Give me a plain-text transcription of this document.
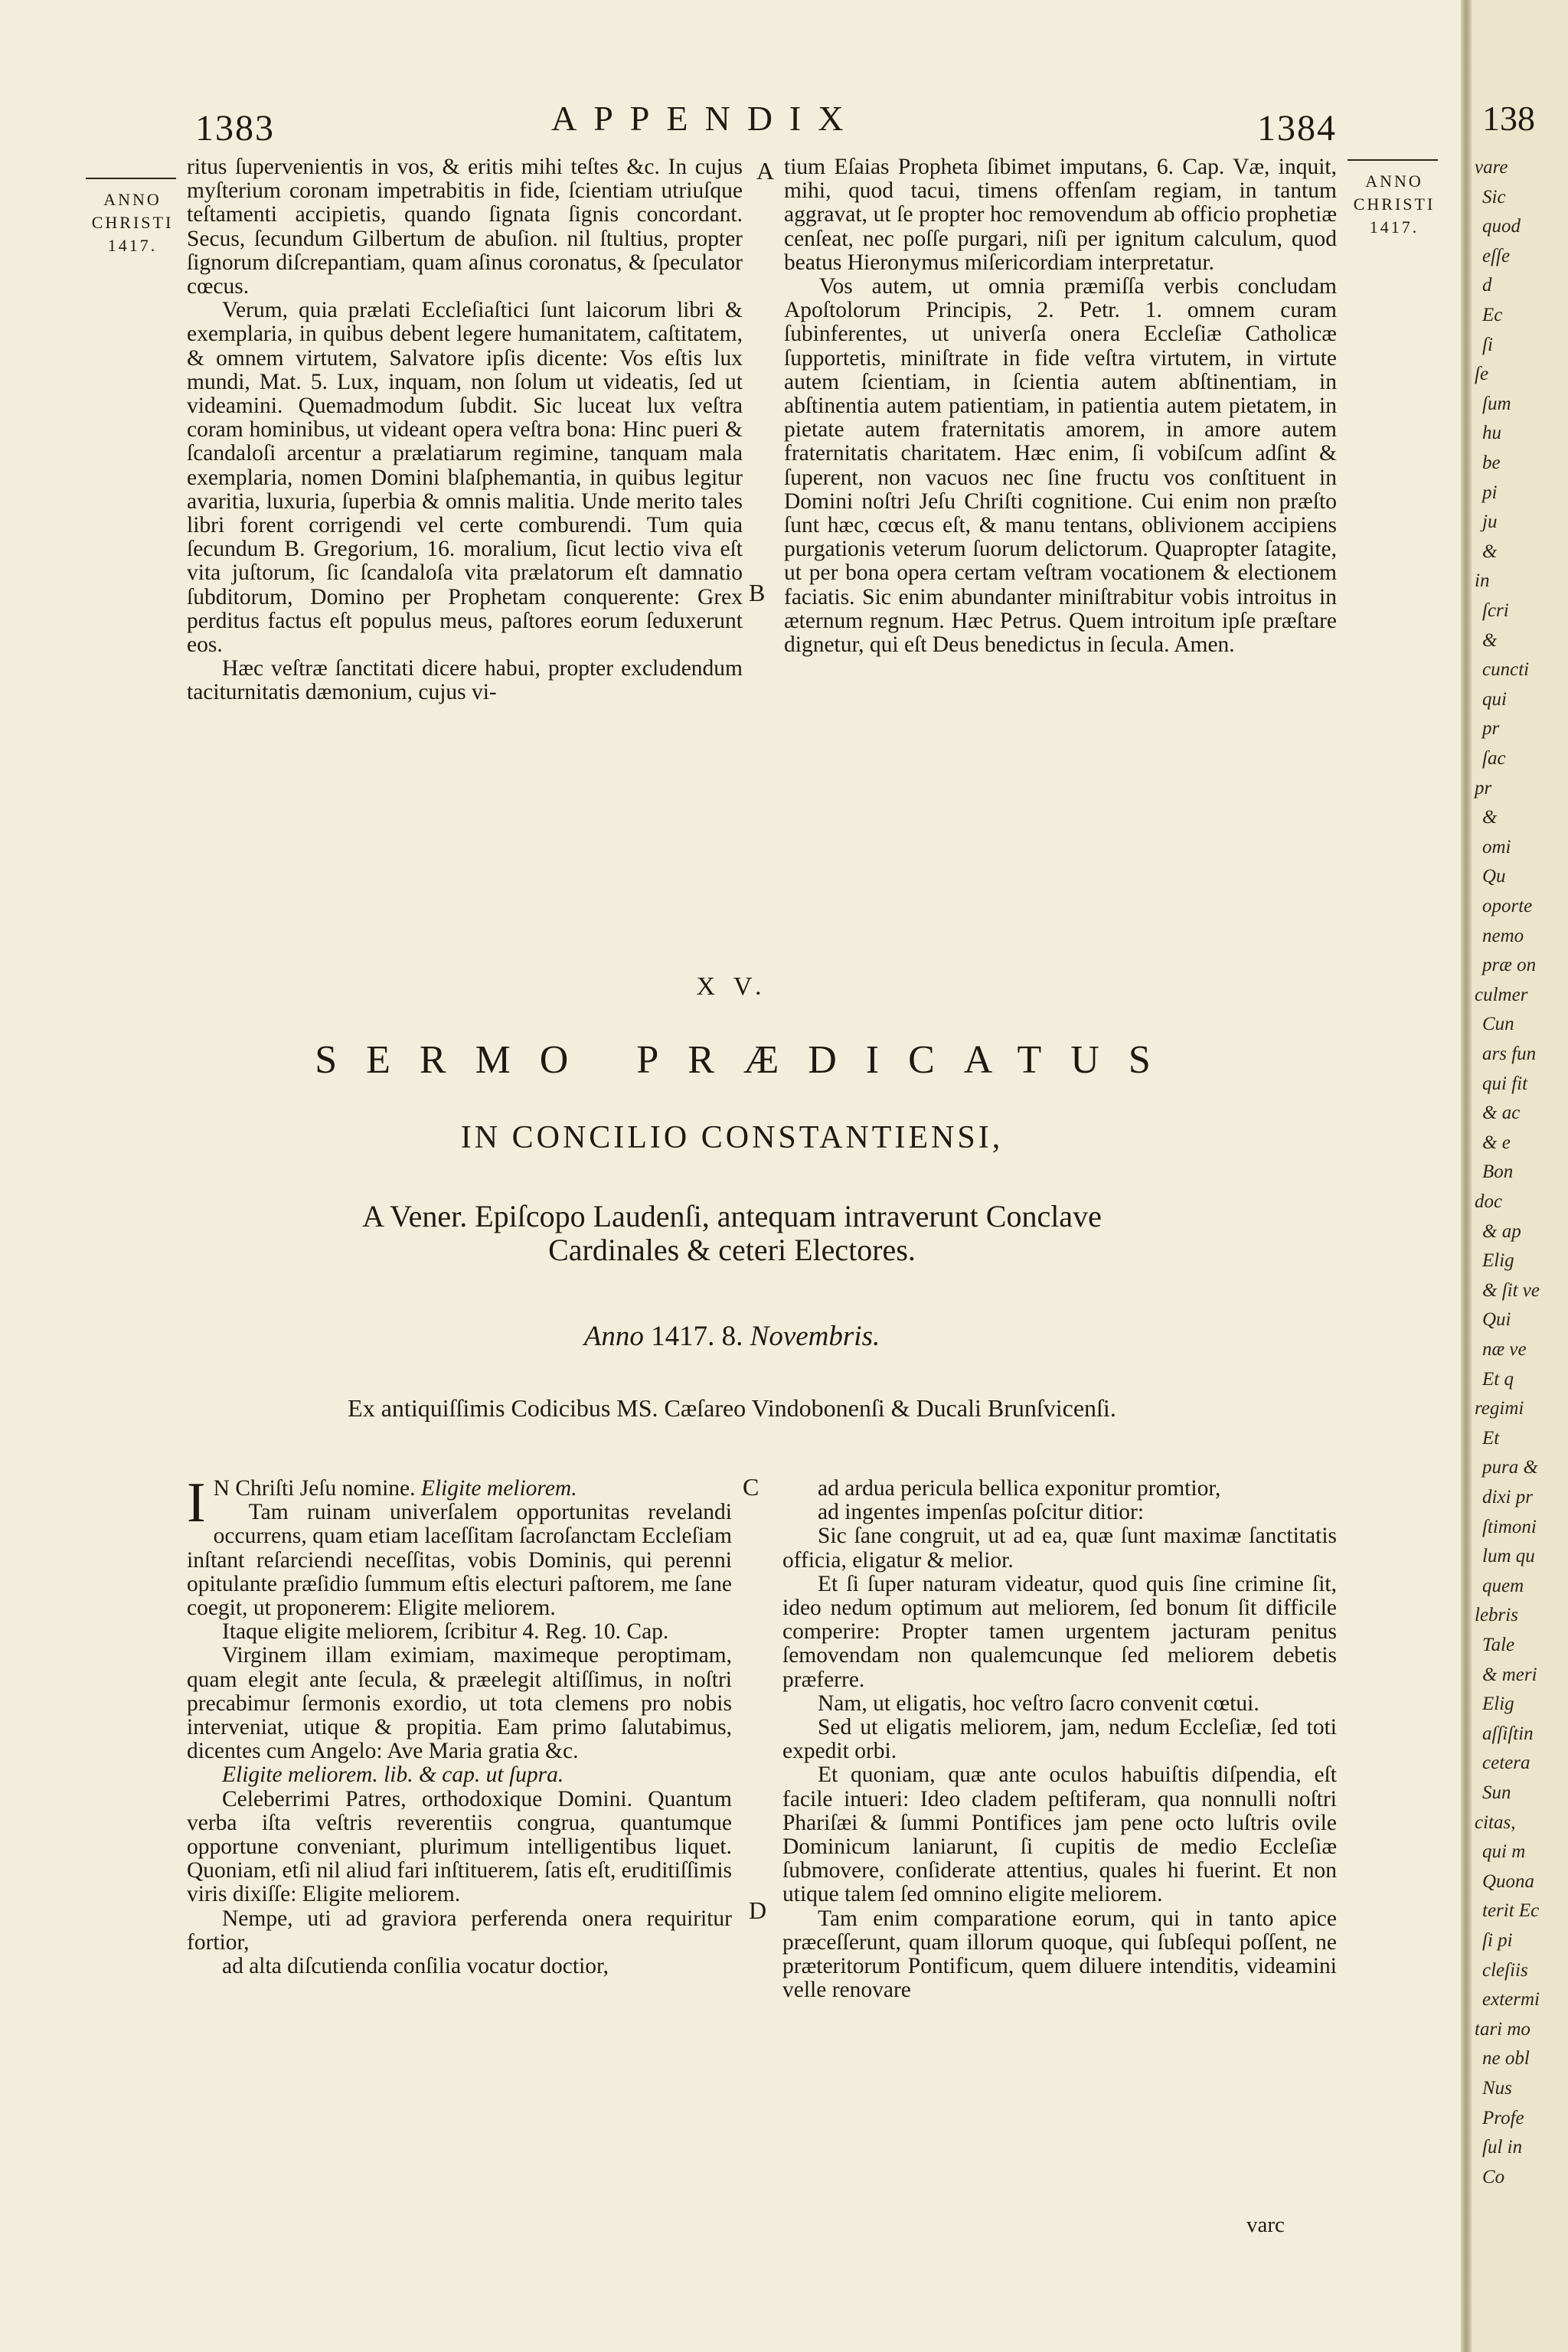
1383	APPENDIX	1384
ANNO
CHRISTI
1417.
ANNO
CHRISTI
1417.
A
B
C
D

ritus ſupervenientis in vos, & eritis mihi teſtes &c. In cujus myſterium coronam impetrabitis in fide, ſcientiam utriuſque teſtamenti accipietis, quando ſignata ſignis concordant. Secus, ſecundum Gilbertum de abuſion. nil ſtultius, propter ſignorum diſcrepantiam, quam aſinus coronatus, & ſpeculator cœcus.

Verum, quia prælati Eccleſiaſtici ſunt laicorum libri & exemplaria, in quibus debent legere humanitatem, caſtitatem, & omnem virtutem, Salvatore ipſis dicente: Vos eſtis lux mundi, Mat. 5. Lux, inquam, non ſolum ut videatis, ſed ut videamini. Quemadmodum ſubdit. Sic luceat lux veſtra coram hominibus, ut videant opera veſtra bona: Hinc pueri & ſcandaloſi arcentur a prælatiarum regimine, tanquam mala exemplaria, nomen Domini blaſphemantia, in quibus legitur avaritia, luxuria, ſuperbia & omnis malitia. Unde merito tales libri forent corrigendi vel certe comburendi. Tum quia ſecundum B. Gregorium, 16. moralium, ſicut lectio viva eſt vita juſtorum, ſic ſcandaloſa vita prælatorum eſt damnatio ſubditorum, Domino per Prophetam conquerente: Grex perditus factus eſt populus meus, paſtores eorum ſeduxerunt eos.

Hæc veſtræ ſanctitati dicere habui, propter excludendum taciturnitatis dæmonium, cujus vi-

tium Eſaias Propheta ſibimet imputans, 6. Cap. Væ, inquit, mihi, quod tacui, timens offenſam regiam, in tantum aggravat, ut ſe propter hoc removendum ab officio prophetiæ cenſeat, nec poſſe purgari, niſi per ignitum calculum, quod beatus Hieronymus miſericordiam interpretatur.

Vos autem, ut omnia præmiſſa verbis concludam Apoſtolorum Principis, 2. Petr. 1. omnem curam ſubinferentes, ut univerſa onera Eccleſiæ Catholicæ ſupportetis, miniſtrate in fide veſtra virtutem, in virtute autem ſcientiam, in ſcientia autem abſtinentiam, in abſtinentia autem patientiam, in patientia autem pietatem, in pietate autem fraternitatis amorem, in amore autem fraternitatis charitatem. Hæc enim, ſi vobiſcum adſint & ſuperent, non vacuos nec ſine fructu vos conſtituent in Domini noſtri Jeſu Chriſti cognitione. Cui enim non præſto ſunt hæc, cœcus eſt, & manu tentans, oblivionem accipiens purgationis veterum ſuorum delictorum. Quapropter ſatagite, ut per bona opera certam veſtram vocationem & electionem faciatis. Sic enim abundanter miniſtrabitur vobis introitus in æternum regnum. Hæc Petrus. Quem introitum ipſe præſtare dignetur, qui eſt Deus benedictus in ſecula. Amen.

X V.
SERMO PRÆDICATUS
IN CONCILIO CONSTANTIENSI,
A Vener. Epiſcopo Laudenſi, antequam intraverunt Conclave
Cardinales & ceteri Electores.
Anno 1417. 8. Novembris.
Ex antiquiſſimis Codicibus MS. Cæſareo Vindobonenſi & Ducali Brunſvicenſi.

I N Chriſti Jeſu nomine. Eligite meliorem.

Tam ruinam univerſalem opportunitas revelandi occurrens, quam etiam laceſſitam ſacroſanctam Eccleſiam inſtant reſarciendi neceſſitas, vobis Dominis, qui perenni opitulante præſidio ſummum eſtis electuri paſtorem, me ſane coegit, ut proponerem: Eligite meliorem.

Itaque eligite meliorem, ſcribitur 4. Reg. 10. Cap.

Virginem illam eximiam, maximeque peroptimam, quam elegit ante ſecula, & præelegit altiſſimus, in noſtri precabimur ſermonis exordio, ut tota clemens pro nobis interveniat, utique & propitia. Eam primo ſalutabimus, dicentes cum Angelo: Ave Maria gratia &c.

Eligite meliorem. lib. & cap. ut ſupra.

Celeberrimi Patres, orthodoxique Domini. Quantum verba iſta veſtris reverentiis congrua, quantumque opportune conveniant, plurimum intelligentibus liquet. Quoniam, etſi nil aliud fari inſtituerem, ſatis eſt, eruditiſſimis viris dixiſſe: Eligite meliorem.

Nempe, uti ad graviora perferenda onera requiritur fortior,

ad alta diſcutienda conſilia vocatur doctior,

ad ardua pericula bellica exponitur promtior,

ad ingentes impenſas poſcitur ditior:

Sic ſane congruit, ut ad ea, quæ ſunt maximæ ſanctitatis officia, eligatur & melior.

Et ſi ſuper naturam videatur, quod quis ſine crimine ſit, ideo nedum optimum aut meliorem, ſed bonum ſit difficile comperire: Propter tamen urgentem jacturam penitus ſemovendam non qualemcunque ſed meliorem debetis præferre.

Nam, ut eligatis, hoc veſtro ſacro convenit cœtui.

Sed ut eligatis meliorem, jam, nedum Eccleſiæ, ſed toti expedit orbi.

Et quoniam, quæ ante oculos habuiſtis diſpendia, eſt facile intueri: Ideo cladem peſtiferam, qua nonnulli noſtri Phariſæi & ſummi Pontifices jam pene octo luſtris ovile Dominicum laniarunt, ſi cupitis de medio Eccleſiæ ſubmovere, conſiderate attentius, quales hi fuerint. Et non utique talem ſed omnino eligite meliorem.

Tam enim comparatione eorum, qui in tanto apice præceſſerunt, quam illorum quoque, qui ſubſequi poſſent, ne præteritorum Pontificum, quem diluere intenditis, videamini velle renovare

varc
138
vare
Sic
quod
eſſe
d
Ec
ſi
ſe
ſum
hu
be
pi
ju
&
in
ſcri
&
cuncti
qui
pr
ſac
pr
&
omi
Qu
oporte
nemo
præ on
culmer
Cun
ars fun
qui fit
& ac
& e
Bon
doc
& ap
Elig
& ſit ve
Qui
næ ve
Et q
regimi
Et
pura &
dixi pr
ſtimoni
lum qu
quem
lebris
Tale
& meri
Elig
aſſiſtin
cetera
Sun
citas,
qui m
Quona
terit Ec
ſi pi
cleſiis
extermi
tari mo
ne obl
Nus
Profe
ſul in
Co
